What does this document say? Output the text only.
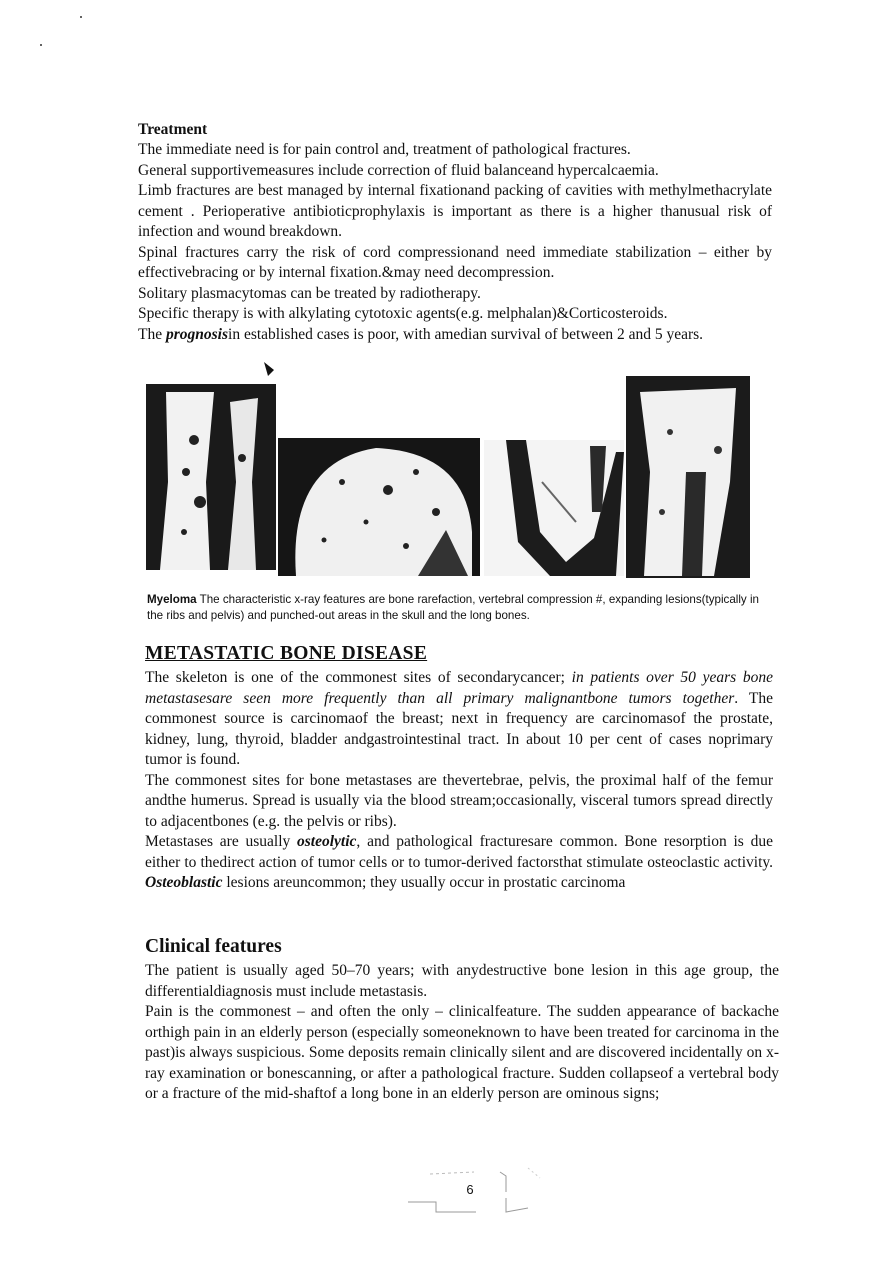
Treatment

The immediate need is for pain control and, treatment of pathological fractures.

General supportivemeasures include correction of fluid balanceand hypercalcaemia.

Limb fractures are best managed by internal fixationand packing of cavities with methylmethacrylate cement . Perioperative antibioticprophylaxis is important as there is a higher thanusual risk of infection and wound breakdown.

Spinal fractures carry the risk of cord compressionand need immediate stabilization – either by effectivebracing or by internal fixation.&may need decompression.

Solitary plasmacytomas can be treated by radiotherapy.

Specific therapy is with alkylating cytotoxic agents(e.g. melphalan)&Corticosteroids.

The prognosisin established cases is poor, with amedian survival of between 2 and 5 years.

Myeloma The characteristic x-ray features are bone rarefaction, vertebral compression #, expanding lesions(typically in the ribs and pelvis) and punched-out areas in the skull and the long bones.
METASTATIC BONE DISEASE

The skeleton is one of the commonest sites of secondarycancer; in patients over 50 years bone metastasesare seen more frequently than all primary malignantbone tumors together. The commonest source is carcinomaof the breast; next in frequency are carcinomasof the prostate, kidney, lung, thyroid, bladder andgastrointestinal tract. In about 10 per cent of cases noprimary tumor is found.

The commonest sites for bone metastases are thevertebrae, pelvis, the proximal half of the femur andthe humerus. Spread is usually via the blood stream;occasionally, visceral tumors spread directly to adjacentbones (e.g. the pelvis or ribs).

Metastases are usually osteolytic, and pathological fracturesare common. Bone resorption is due either to thedirect action of tumor cells or to tumor-derived factorsthat stimulate osteoclastic activity. Osteoblastic lesions areuncommon; they usually occur in prostatic carcinoma

Clinical features

The patient is usually aged 50–70 years; with anydestructive bone lesion in this age group, the differentialdiagnosis must include metastasis.

Pain is the commonest – and often the only – clinicalfeature. The sudden appearance of backache orthigh pain in an elderly person (especially someoneknown to have been treated for carcinoma in the past)is always suspicious. Some deposits remain clinically silent and are discovered incidentally on x-ray examination or bonescanning, or after a pathological fracture. Sudden collapseof a vertebral body or a fracture of the mid-shaftof a long bone in an elderly person are ominous signs;

6
